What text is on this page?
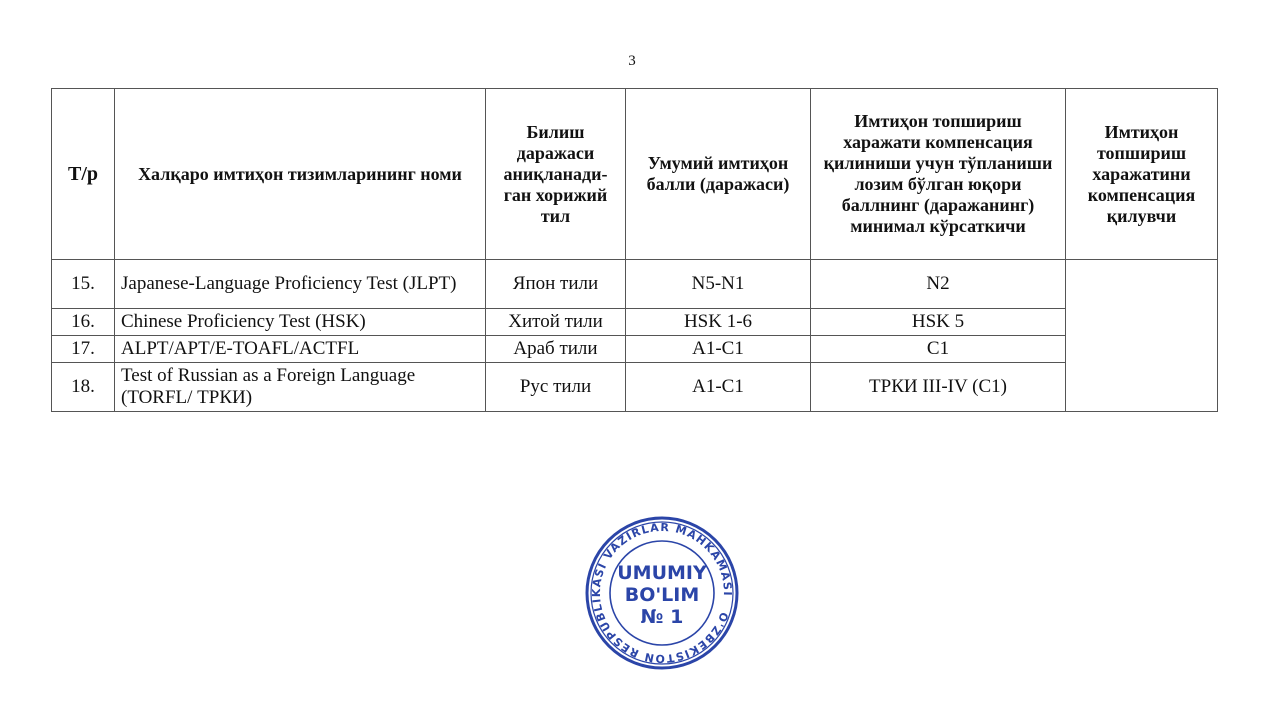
3
Т/р	Халқаро имтиҳон тизимларининг номи	Билиш даражаси аниқланади-ган хорижий тил	Умумий имтиҳон балли (даражаси)	Имтиҳон топшириш харажати компенсация қилиниши учун тўпланиши лозим бўлган юқори баллнинг (даражанинг) минимал кўрсаткичи	Имтиҳон топшириш харажатини компенсация қилувчи
15.	Japanese-Language Proficiency Test (JLPT)	Япон тили	N5-N1	N2	
16.	Chinese Proficiency Test (HSK)	Хитой тили	HSK 1-6	HSK 5	
17.	ALPT/APT/E-TOAFL/ACTFL	Араб тили	A1-C1	C1	
18.	Test of Russian as a Foreign Language (TORFL/ ТРКИ)	Рус тили	A1-C1	ТРКИ III-IV (C1)	
O'ZBEKISTON RESPUBLIKASI VAZIRLAR MAHKAMASI
UMUMIY
BO'LIM
№ 1
